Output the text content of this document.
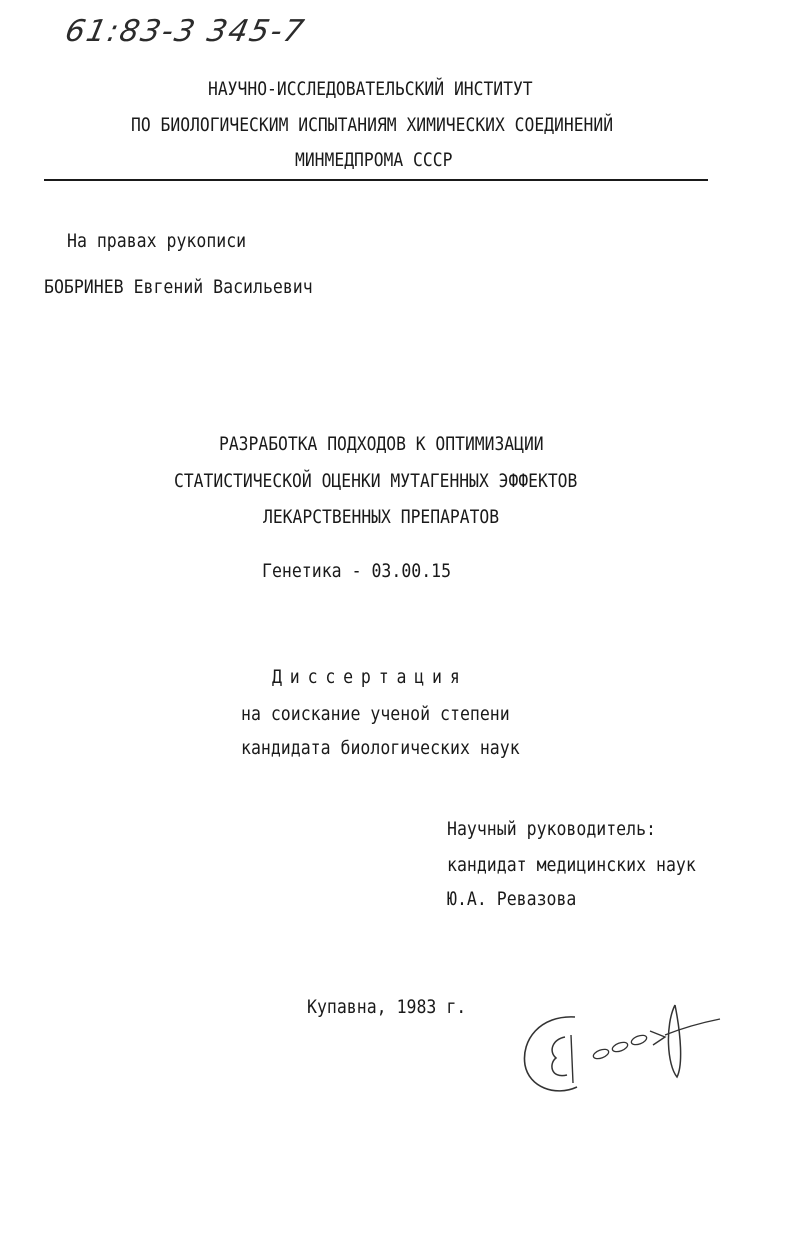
61:83-3 345-7
НАУЧНО-ИССЛЕДОВАТЕЛЬСКИЙ ИНСТИТУТ
ПО БИОЛОГИЧЕСКИМ ИСПЫТАНИЯМ ХИМИЧЕСКИХ СОЕДИНЕНИЙ
МИНМЕДПРОМА СССР
На правах рукописи
БОБРИНЕВ Евгений Васильевич
РАЗРАБОТКА ПОДХОДОВ К ОПТИМИЗАЦИИ
СТАТИСТИЧЕСКОЙ ОЦЕНКИ МУТАГЕННЫХ ЭФФЕКТОВ
ЛЕКАРСТВЕННЫХ ПРЕПАРАТОВ
Генетика - 03.00.15
Диссертация
на соискание ученой степени
кандидата биологических наук
Научный руководитель:
кандидат медицинских наук
Ю.А. Ревазова
Купавна, 1983 г.
